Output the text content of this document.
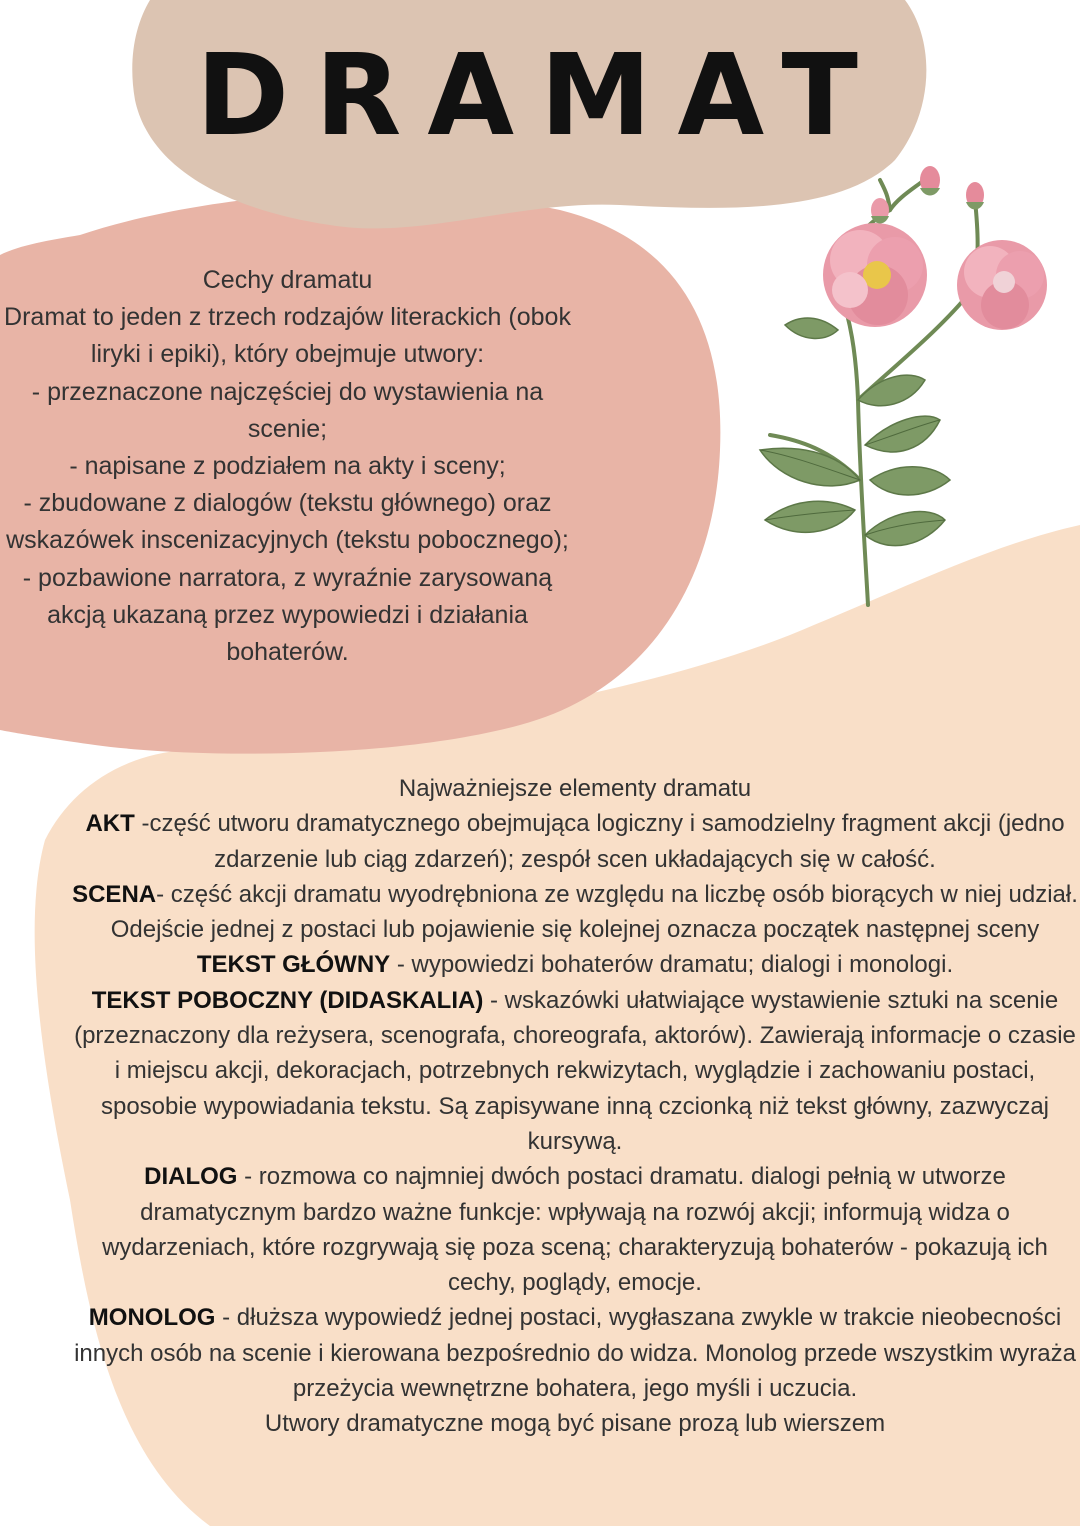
DRAMAT

Cechy dramatu

Dramat to jeden z trzech rodzajów literackich (obok liryki i epiki), który obejmuje utwory:

- przeznaczone najczęściej do wystawienia na scenie;

- napisane z podziałem na akty i sceny;

- zbudowane z dialogów (tekstu głównego) oraz wskazówek inscenizacyjnych (tekstu pobocznego);

- pozbawione narratora, z wyraźnie zarysowaną akcją ukazaną przez wypowiedzi i działania bohaterów.

Najważniejsze elementy dramatu

AKT -część utworu dramatycznego obejmująca logiczny i samodzielny fragment akcji (jedno zdarzenie lub ciąg zdarzeń); zespół scen układających się w całość.

SCENA- część akcji dramatu wyodrębniona ze względu na liczbę osób biorących w niej udział. Odejście jednej z postaci lub pojawienie się kolejnej oznacza początek następnej sceny

TEKST GŁÓWNY - wypowiedzi bohaterów dramatu; dialogi i monologi.

TEKST POBOCZNY (DIDASKALIA) - wskazówki ułatwiające wystawienie sztuki na scenie (przeznaczony dla reżysera, scenografa, choreografa, aktorów). Zawierają informacje o czasie i miejscu akcji, dekoracjach, potrzebnych rekwizytach, wyglądzie i zachowaniu postaci, sposobie wypowiadania tekstu. Są zapisywane inną czcionką niż tekst główny, zazwyczaj kursywą.

DIALOG - rozmowa co najmniej dwóch postaci dramatu. dialogi pełnią w utworze dramatycznym bardzo ważne funkcje: wpływają na rozwój akcji; informują widza o wydarzeniach, które rozgrywają się poza sceną; charakteryzują bohaterów - pokazują ich cechy, poglądy, emocje.

MONOLOG - dłuższa wypowiedź jednej postaci, wygłaszana zwykle w trakcie nieobecności innych osób na scenie i kierowana bezpośrednio do widza. Monolog przede wszystkim wyraża przeżycia wewnętrzne bohatera, jego myśli i uczucia.

Utwory dramatyczne mogą być pisane prozą lub wierszem
